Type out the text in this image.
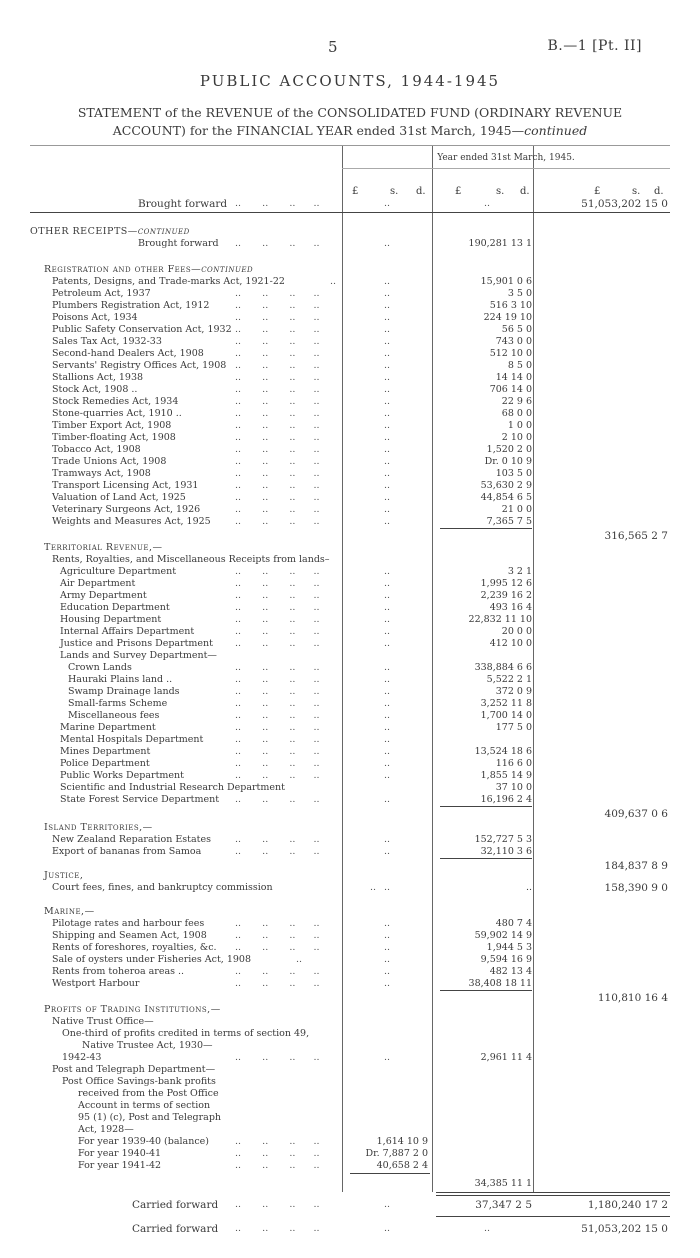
5	B.—1 [Pt. II]
PUBLIC ACCOUNTS, 1944-1945
STATEMENT of the REVENUE of the CONSOLIDATED FUND (ORDINARY REVENUE
ACCOUNT) for the FINANCIAL YEAR ended 31st March, 1945—continued
Year ended 31st March, 1945.
£	s. d.	£	s. d.	£	s. d.
Brought forward ..       ..       ..      ..	..	..	51,053,202 15 0
OTHER RECEIPTS—continued
Brought forward ..       ..       ..      ..	..	190,281 13 1
Registration and other Fees—continued
Patents, Designs, and Trade-marks Act, 1921-22	..	..	15,901 0 6
Petroleum Act, 1937	..       ..       ..      ..	..	3 5 0
Plumbers Registration Act, 1912	..       ..       ..      ..	..	516 3 10
Poisons Act, 1934	..       ..       ..      ..	..	224 19 10
Public Safety Conservation Act, 1932 ..       ..       ..      ..	..	56 5 0
Sales Tax Act, 1932-33	..       ..       ..      ..	..	743 0 0
Second-hand Dealers Act, 1908	..       ..       ..      ..	..	512 10 0
Servants' Registry Offices Act, 1908 ..       ..       ..      ..	..	8 5 0
Stallions Act, 1938	..       ..       ..      ..	..	14 14 0
Stock Act, 1908 ..	..       ..       ..      ..	..	706 14 0
Stock Remedies Act, 1934	..       ..       ..      ..	..	22 9 6
Stone-quarries Act, 1910 ..	..       ..       ..      ..	..	68 0 0
Timber Export Act, 1908	..       ..       ..      ..	..	1 0 0
Timber-floating Act, 1908	..       ..       ..      ..	..	2 10 0
Tobacco Act, 1908	..       ..       ..      ..	..	1,520 2 0
Trade Unions Act, 1908	..       ..       ..      ..	..	Dr. 0 10 9
Tramways Act, 1908	..       ..       ..      ..	..	103 5 0
Transport Licensing Act, 1931	..       ..       ..      ..	..	53,630 2 9
Valuation of Land Act, 1925	..       ..       ..      ..	..	44,854 6 5
Veterinary Surgeons Act, 1926	..       ..       ..      ..	..	21 0 0
Weights and Measures Act, 1925	..       ..       ..      ..	..	7,365 7 5
316,565 2 7
Territorial Revenue,—
Rents, Royalties, and Miscellaneous Receipts from lands–
Agriculture Department	..       ..       ..      ..	..	3 2 1
Air Department	..       ..       ..      ..	..	1,995 12 6
Army Department	..       ..       ..      ..	..	2,239 16 2
Education Department	..       ..       ..      ..	..	493 16 4
Housing Department	..       ..       ..      ..	..	22,832 11 10
Internal Affairs Department	..       ..       ..      ..	..	20 0 0
Justice and Prisons Department ..       ..       ..      ..	..	412 10 0
Lands and Survey Department—
Crown Lands	..       ..       ..      ..	..	338,884 6 6
Hauraki Plains land ..	..       ..       ..      ..	..	5,522 2 1
Swamp Drainage lands	..       ..       ..      ..	..	372 0 9
Small-farms Scheme	..       ..       ..      ..	..	3,252 11 8
Miscellaneous fees	..       ..       ..      ..	..	1,700 14 0
Marine Department	..       ..       ..      ..	..	177 5 0
Mental Hospitals Department	..       ..       ..      ..	..
Mines Department	..       ..       ..      ..	..	13,524 18 6
Police Department	..       ..       ..      ..	..	116 6 0
Public Works Department	..       ..       ..      ..	..	1,855 14 9
Scientific and Industrial Research Department	37 10 0
State Forest Service Department ..       ..       ..      ..	..	16,196 2 4
409,637 0 6
Island Territories,—
New Zealand Reparation Estates	..       ..       ..      ..	..	152,727 5 3
Export of bananas from Samoa	..       ..       ..      ..	..	32,110 3 6
184,837 8 9
Justice,
Court fees, fines, and bankruptcy commission	.. ..	..	158,390 9 0
Marine,—
Pilotage rates and harbour fees	..       ..       ..      ..	..	480 7 4
Shipping and Seamen Act, 1908	..       ..       ..      ..	..	59,902 14 9
Rents of foreshores, royalties, &c. ..       ..       ..      ..	..	1,944 5 3
Sale of oysters under Fisheries Act, 1908	..	..	9,594 16 9
Rents from toheroa areas ..	..       ..       ..      ..	..	482 13 4
Westport Harbour	..       ..       ..      ..	..	38,408 18 11
110,810 16 4
Profits of Trading Institutions,—
Native Trust Office—
One-third of profits credited in terms of section 49,
Native Trustee Act, 1930—
1942-43	..       ..       ..      ..	..	2,961 11 4
Post and Telegraph Department—
Post Office Savings-bank profits
received from the Post Office
Account in terms of section
95 (1) (c), Post and Telegraph
Act, 1928—
For year 1939-40 (balance)	..       ..       ..      ..	1,614 10 9
For year 1940-41	..       ..       ..      ..	Dr. 7,887 2 0
For year 1941-42	..       ..       ..      ..	40,658 2 4
34,385 11 1
Carried forward ..       ..       ..      ..	..	37,347 2 5	1,180,240 17 2
Carried forward ..       ..       ..      ..	..	..	51,053,202 15 0
